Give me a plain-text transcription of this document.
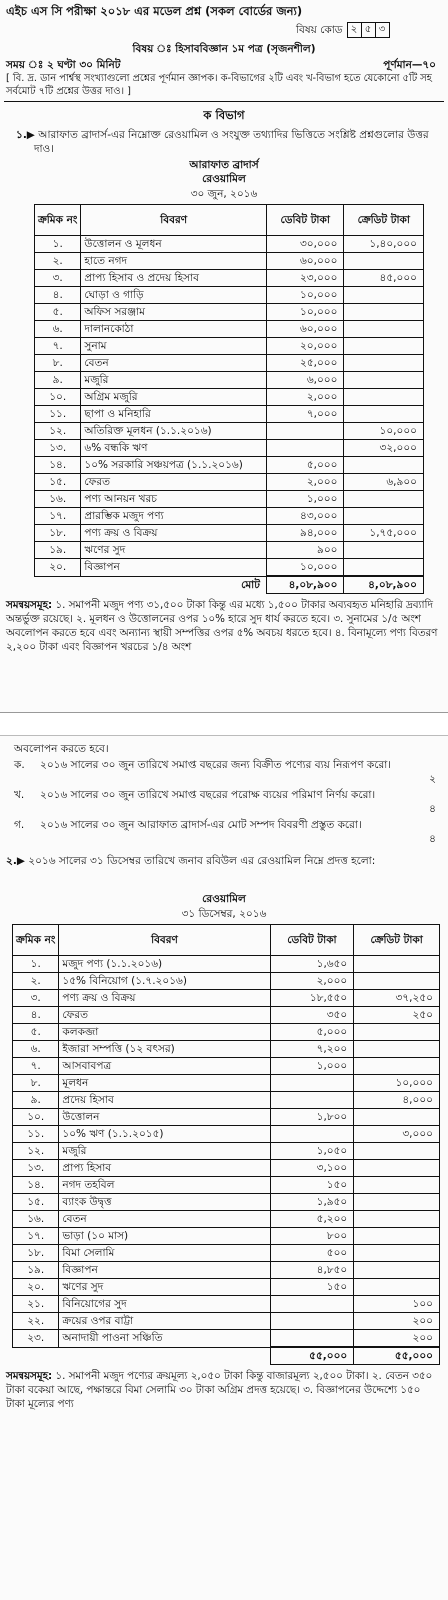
এইচ এস সি পরীক্ষা ২০১৮ এর মডেল প্রশ্ন (সকল বোর্ডের জন্য)
বিষয় কোড ২ ৫ ৩
বিষয় ঃ হিসাববিজ্ঞান ১ম পত্র (সৃজনশীল)
সময় ঃ ২ ঘণ্টা ৩০ মিনিট	পূর্ণমান—৭০
[ বি. দ্র. ডান পার্শ্বস্থ সংখ্যাগুলো প্রশ্নের পূর্ণমান জ্ঞাপক। ক-বিভাগের ২টি এবং খ-বিভাগ হতে যেকোনো ৫টি সহ সর্বমোট ৭টি প্রশ্নের উত্তর দাও। ]
ক বিভাগ
১.▶ আরাফাত ব্রাদার্স-এর নিম্নোক্ত রেওয়ামিল ও সংযুক্ত তথ্যাদির ভিত্তিতে সংশ্লিষ্ট প্রশ্নগুলোর উত্তর দাও।
আরাফাত ব্রাদার্স
রেওয়ামিল
৩০ জুন, ২০১৬
ক্রমিক নং	বিবরণ	ডেবিট টাকা	ক্রেডিট টাকা
১.	উত্তোলন ও মূলধন	৩০,০০০	১,৪০,০০০
২.	হাতে নগদ	৬০,০০০	
৩.	প্রাপ্য হিসাব ও প্রদেয় হিসাব	২৩,০০০	৪৫,০০০
৪.	ঘোড়া ও গাড়ি	১০,০০০	
৫.	অফিস সরঞ্জাম	১০,০০০	
৬.	দালানকোঠা	৬০,০০০	
৭.	সুনাম	২০,০০০	
৮.	বেতন	২৫,০০০	
৯.	মজুরি	৬,০০০	
১০.	অগ্রিম মজুরি	২,০০০	
১১.	ছাপা ও মনিহারি	৭,০০০	
১২.	অতিরিক্ত মূলধন (১.১.২০১৬)		১০,০০০
১৩.	৬% বন্ধকি ঋণ		৩২,০০০
১৪.	১০% সরকারি সঞ্চয়পত্র (১.১.২০১৬)	৫,০০০	
১৫.	ফেরত	২,০০০	৬,৯০০
১৬.	পণ্য আনয়ন খরচ	১,০০০	
১৭.	প্রারম্ভিক মজুদ পণ্য	৪৩,০০০	
১৮.	পণ্য ক্রয় ও বিক্রয়	৯৪,০০০	১,৭৫,০০০
১৯.	ঋণের সুদ	৯০০	
২০.	বিজ্ঞাপন	১০,০০০	
	মোট	৪,০৮,৯০০	৪,০৮,৯০০
সমন্বয়সমূহ: ১. সমাপনী মজুদ পণ্য ৩১,৫০০ টাকা কিন্তু এর মধ্যে ১,৫০০ টাকার অব্যবহৃত মনিহারি দ্রব্যাদি অন্তর্ভুক্ত রয়েছে। ২. মূলধন ও উত্তোলনের ওপর ১০% হারে সুদ ধার্য করতে হবে। ৩. সুনামের ১/৫ অংশ অবলোপন করতে হবে এবং অন্যান্য স্থায়ী সম্পত্তির ওপর ৫% অবচয় ধরতে হবে। ৪. বিনামূল্যে পণ্য বিতরণ ২,২০০ টাকা এবং বিজ্ঞাপন খরচের ১/৪ অংশ
অবলোপন করতে হবে।
ক. ২০১৬ সালের ৩০ জুন তারিখে সমাপ্ত বছরের জন্য বিক্রীত পণ্যের ব্যয় নিরূপণ করো।
২
খ. ২০১৬ সালের ৩০ জুন তারিখে সমাপ্ত বছরের পরোক্ষ ব্যয়ের পরিমাণ নির্ণয় করো।
৪
গ. ২০১৬ সালের ৩০ জুন আরাফাত ব্রাদার্স-এর মোট সম্পদ বিবরণী প্রস্তুত করো।
৪
২.▶ ২০১৬ সালের ৩১ ডিসেম্বর তারিখে জনাব রবিউল এর রেওয়ামিল নিম্নে প্রদত্ত হলো:
রেওয়ামিল
৩১ ডিসেম্বর, ২০১৬
ক্রমিক নং	বিবরণ	ডেবিট টাকা	ক্রেডিট টাকা
১.	মজুদ পণ্য (১.১.২০১৬)	১,৬৫০	
২.	১৫% বিনিয়োগ (১.৭.২০১৬)	২,০০০	
৩.	পণ্য ক্রয় ও বিক্রয়	১৮,৫৫০	৩৭,২৫০
৪.	ফেরত	৩৫০	২৫০
৫.	কলকব্জা	৫,০০০	
৬.	ইজারা সম্পত্তি (১২ বৎসর)	৭,২০০	
৭.	আসবাবপত্র	১,০০০	
৮.	মূলধন		১০,০০০
৯.	প্রদেয় হিসাব		৪,০০০
১০.	উত্তোলন	১,৮০০	
১১.	১০% ঋণ (১.১.২০১৫)		৩,০০০
১২.	মজুরি	১,০৫০	
১৩.	প্রাপ্য হিসাব	৩,১০০	
১৪.	নগদ তহবিল	১৫০	
১৫.	ব্যাংক উদ্বৃত্ত	১,৯৫০	
১৬.	বেতন	৫,২০০	
১৭.	ভাড়া (১০ মাস)	৮০০	
১৮.	বিমা সেলামি	৫০০	
১৯.	বিজ্ঞাপন	৪,৮৫০	
২০.	ঋণের সুদ	১৫০	
২১.	বিনিয়োগের সুদ		১০০
২২.	ক্রয়ের ওপর বাট্টা		২০০
২৩.	অনাদায়ী পাওনা সঞ্চিতি		২০০
		৫৫,০০০	৫৫,০০০
সমন্বয়সমূহ: ১. সমাপনী মজুদ পণ্যের ক্রয়মূল্য ২,০৫০ টাকা কিন্তু বাজারমূল্য ২,৫০০ টাকা। ২. বেতন ৩৫০ টাকা বকেয়া আছে, পক্ষান্তরে বিমা সেলামি ৩০ টাকা অগ্রিম প্রদত্ত হয়েছে। ৩. বিজ্ঞাপনের উদ্দেশ্যে ১৫০ টাকা মূল্যের পণ্য
